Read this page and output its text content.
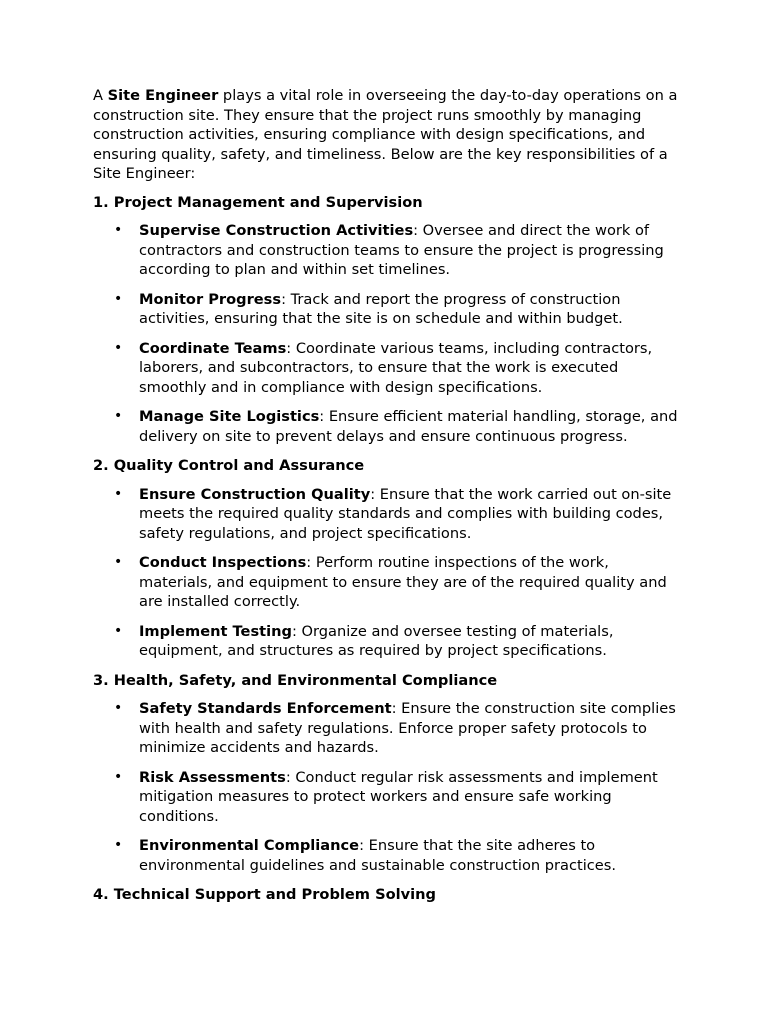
A Site Engineer plays a vital role in overseeing the day-to-day operations on a construction site. They ensure that the project runs smoothly by managing construction activities, ensuring compliance with design specifications, and ensuring quality, safety, and timeliness. Below are the key responsibilities of a Site Engineer:

1. Project Management and Supervision
• Supervise Construction Activities: Oversee and direct the work of contractors and construction teams to ensure the project is progressing according to plan and within set timelines.
• Monitor Progress: Track and report the progress of construction activities, ensuring that the site is on schedule and within budget.
• Coordinate Teams: Coordinate various teams, including contractors, laborers, and subcontractors, to ensure that the work is executed smoothly and in compliance with design specifications.
• Manage Site Logistics: Ensure efficient material handling, storage, and delivery on site to prevent delays and ensure continuous progress.
2. Quality Control and Assurance
• Ensure Construction Quality: Ensure that the work carried out on-site meets the required quality standards and complies with building codes, safety regulations, and project specifications.
• Conduct Inspections: Perform routine inspections of the work, materials, and equipment to ensure they are of the required quality and are installed correctly.
• Implement Testing: Organize and oversee testing of materials, equipment, and structures as required by project specifications.
3. Health, Safety, and Environmental Compliance
• Safety Standards Enforcement: Ensure the construction site complies with health and safety regulations. Enforce proper safety protocols to minimize accidents and hazards.
• Risk Assessments: Conduct regular risk assessments and implement mitigation measures to protect workers and ensure safe working conditions.
• Environmental Compliance: Ensure that the site adheres to environmental guidelines and sustainable construction practices.
4. Technical Support and Problem Solving
